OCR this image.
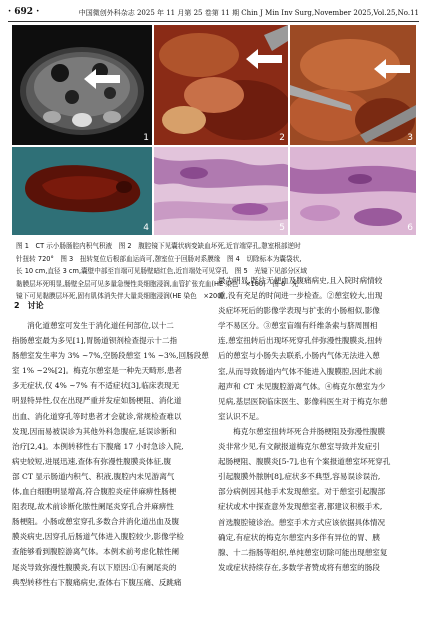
· 692 ·	中国微创外科杂志 2025 年 11 月第 25 卷第 11 期 Chin J Min Inv Surg,November 2025,Vol.25,No.11
1	2	3
4	5	6
图 1　CT 示小肠肠腔内积气积液　图 2　腹腔镜下见囊状病变缺血坏死,近盲端穿孔,憩室根部逆时
针扭转 720°　图 3　扭转复位后根部血运尚可,憩室位于回肠对系膜缘　图 4　切除标本为囊袋状,
长 10 cm,直径 3 cm,囊壁中部至盲端可见肠壁暗红色,近盲端处可见穿孔　图 5　光镜下见部分区域
黏膜层坏死明显,肠壁全层可见多量急慢性炎细胞浸润,血管扩张充血(HE 染色　×100)　图 6　光
镜下可见黏膜层坏死,固有肌体消失伴大量炎细胞浸润(HE 染色　×200)
2　讨论
　　消化道憩室可发生于消化道任何部位,以十二
指肠憩室最为多见[1],胃肠道钡剂检查提示十二指
肠憩室发生率为 3% ~7%,空肠段憩室 1% ~3%,回肠段憩
室 1% ~2%[2]。梅克尔憩室是一种先天畸形,患者
多无症状,仅 4% ~7% 有不适症状[3],临床表现无
明显特异性,仅在出现严重并发症如肠梗阻、消化道
出血、消化道穿孔等时患者才会就诊,常规检查难以
发现,因而易被误诊为其他外科急腹症,延误诊断和
治疗[2,4]。本例转移性右下腹痛 17 小时急诊入院,
病史较短,进展迅速,查体有弥漫性腹膜炎体征,腹
部 CT 显示肠道内积气、积液,腹腔内未见游离气
体,血白细胞明显增高,符合腹腔炎症伴麻痹性肠梗
阻表现,故术前诊断化脓性阑尾炎穿孔合并麻痹性
肠梗阻。小肠或憩室穿孔多数合并消化道出血及腹
膜炎病史,因穿孔后肠道气体进入腹腔较少,影像学检
查能够看到腹腔游离气体。本例术前考虑化脓性阑
尾炎导致弥漫性腹膜炎,有以下原因:①有阑尾炎的
典型转移性右下腹痛病史,查体右下腹压痛、反跳痛
最为明显,既往无便血及腹痛病史,且入院时病情较
重,没有充足的时间进一步检查。②憩室较大,出现
炎症坏死后的影像学表现与扩张的小肠相似,影像
学不易区分。③憩室盲端有纤维条索与脐周围相
连,憩室扭转后出现坏死穿孔伴弥漫性腹膜炎,扭转
后的憩室与小肠失去联系,小肠内气体无法进入憩
室,从而导致肠道内气体不能进入腹膜腔,因此术前
超声和 CT 未见腹腔游离气体。④梅克尔憩室为少
见病,基层医院临床医生、影像科医生对于梅克尔憩
室认识不足。
　　梅克尔憩室扭转坏死合并肠梗阻及弥漫性腹膜
炎非常少见,有文献报道梅克尔憩室导致并发症引
起肠梗阻、腹膜炎[5-7],也有个案报道憩室坏死穿孔
引起腹膜外脓肿[8],症状多不典型,容易误诊误治,
部分病例因其他手术发现憩室。对于憩室引起腹部
症状或术中探查意外发现憩室者,都建议积极手术,
首选腹腔镜诊治。憩室手术方式应该依据具体情况
确定,有症状的梅克尔憩室内多伴有异位的胃、胰
腺、十二指肠等组织,单纯憩室切除可能出现憩室复
发或症状持续存在,多数学者赞成将有憩室的肠段
